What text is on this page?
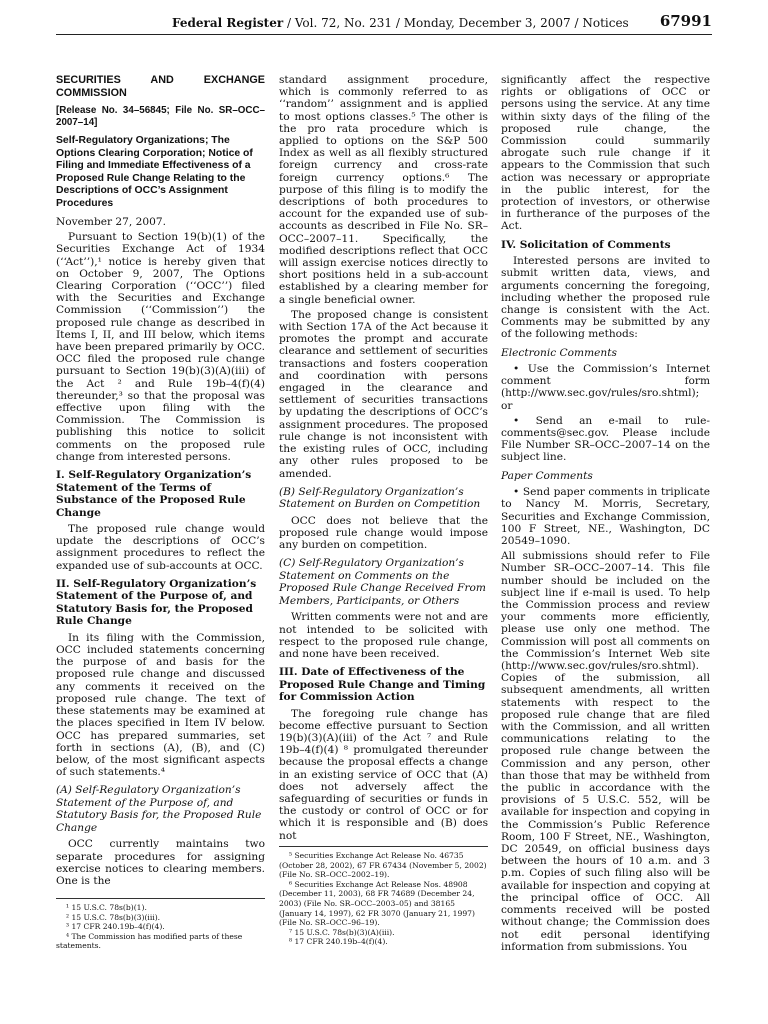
Federal Register / Vol. 72, No. 231 / Monday, December 3, 2007 / Notices 67991
SECURITIES AND EXCHANGE COMMISSION
[Release No. 34–56845; File No. SR–OCC–2007–14]
Self-Regulatory Organizations; The Options Clearing Corporation; Notice of Filing and Immediate Effectiveness of a Proposed Rule Change Relating to the Descriptions of OCC’s Assignment Procedures

November 27, 2007.

Pursuant to Section 19(b)(1) of the Securities Exchange Act of 1934 (‘‘Act’’),¹ notice is hereby given that on October 9, 2007, The Options Clearing Corporation (‘‘OCC’’) filed with the Securities and Exchange Commission (‘‘Commission’’) the proposed rule change as described in Items I, II, and III below, which items have been prepared primarily by OCC. OCC filed the proposed rule change pursuant to Section 19(b)(3)(A)(iii) of the Act ² and Rule 19b–4(f)(4) thereunder,³ so that the proposal was effective upon filing with the Commission. The Commission is publishing this notice to solicit comments on the proposed rule change from interested persons.

I. Self-Regulatory Organization’s Statement of the Terms of Substance of the Proposed Rule Change

The proposed rule change would update the descriptions of OCC’s assignment procedures to reflect the expanded use of sub-accounts at OCC.

II. Self-Regulatory Organization’s Statement of the Purpose of, and Statutory Basis for, the Proposed Rule Change

In its filing with the Commission, OCC included statements concerning the purpose of and basis for the proposed rule change and discussed any comments it received on the proposed rule change. The text of these statements may be examined at the places specified in Item IV below. OCC has prepared summaries, set forth in sections (A), (B), and (C) below, of the most significant aspects of such statements.⁴

(A) Self-Regulatory Organization’s Statement of the Purpose of, and Statutory Basis for, the Proposed Rule Change

OCC currently maintains two separate procedures for assigning exercise notices to clearing members. One is the

standard assignment procedure, which is commonly referred to as ‘‘random’’ assignment and is applied to most options classes.⁵ The other is the pro rata procedure which is applied to options on the S&P 500 Index as well as all flexibly structured foreign currency and cross-rate foreign currency options.⁶ The purpose of this filing is to modify the descriptions of both procedures to account for the expanded use of sub-accounts as described in File No. SR–OCC–2007–11. Specifically, the modified descriptions reflect that OCC will assign exercise notices directly to short positions held in a sub-account established by a clearing member for a single beneficial owner.

The proposed change is consistent with Section 17A of the Act because it promotes the prompt and accurate clearance and settlement of securities transactions and fosters cooperation and coordination with persons engaged in the clearance and settlement of securities transactions by updating the descriptions of OCC’s assignment procedures. The proposed rule change is not inconsistent with the existing rules of OCC, including any other rules proposed to be amended.

(B) Self-Regulatory Organization’s Statement on Burden on Competition

OCC does not believe that the proposed rule change would impose any burden on competition.

(C) Self-Regulatory Organization’s Statement on Comments on the Proposed Rule Change Received From Members, Participants, or Others

Written comments were not and are not intended to be solicited with respect to the proposed rule change, and none have been received.

III. Date of Effectiveness of the Proposed Rule Change and Timing for Commission Action

The foregoing rule change has become effective pursuant to Section 19(b)(3)(A)(iii) of the Act ⁷ and Rule 19b–4(f)(4) ⁸ promulgated thereunder because the proposal effects a change in an existing service of OCC that (A) does not adversely affect the safeguarding of securities or funds in the custody or control of OCC or for which it is responsible and (B) does not

significantly affect the respective rights or obligations of OCC or persons using the service. At any time within sixty days of the filing of the proposed rule change, the Commission could summarily abrogate such rule change if it appears to the Commission that such action was necessary or appropriate in the public interest, for the protection of investors, or otherwise in furtherance of the purposes of the Act.

IV. Solicitation of Comments

Interested persons are invited to submit written data, views, and arguments concerning the foregoing, including whether the proposed rule change is consistent with the Act. Comments may be submitted by any of the following methods:

Electronic Comments

• Use the Commission’s Internet comment form (http://www.sec.gov/rules/sro.shtml); or

• Send an e-mail to rule-comments@sec.gov. Please include File Number SR–OCC–2007–14 on the subject line.

Paper Comments

• Send paper comments in triplicate to Nancy M. Morris, Secretary, Securities and Exchange Commission, 100 F Street, NE., Washington, DC 20549–1090.

All submissions should refer to File Number SR–OCC–2007–14. This file number should be included on the subject line if e-mail is used. To help the Commission process and review your comments more efficiently, please use only one method. The Commission will post all comments on the Commission’s Internet Web site (http://www.sec.gov/rules/sro.shtml). Copies of the submission, all subsequent amendments, all written statements with respect to the proposed rule change that are filed with the Commission, and all written communications relating to the proposed rule change between the Commission and any person, other than those that may be withheld from the public in accordance with the provisions of 5 U.S.C. 552, will be available for inspection and copying in the Commission’s Public Reference Room, 100 F Street, NE., Washington, DC 20549, on official business days between the hours of 10 a.m. and 3 p.m. Copies of such filing also will be available for inspection and copying at the principal office of OCC. All comments received will be posted without change; the Commission does not edit personal identifying information from submissions. You

¹ 15 U.S.C. 78s(b)(1).
² 15 U.S.C. 78s(b)(3)(iii).
³ 17 CFR 240.19b–4(f)(4).
⁴ The Commission has modified parts of these statements.
⁵ Securities Exchange Act Release No. 46735 (October 28, 2002), 67 FR 67434 (November 5, 2002) (File No. SR–OCC–2002–19).
⁶ Securities Exchange Act Release Nos. 48908 (December 11, 2003), 68 FR 74689 (December 24, 2003) (File No. SR–OCC–2003–05) and 38165 (January 14, 1997), 62 FR 3070 (January 21, 1997) (File No. SR–OCC–96–19).
⁷ 15 U.S.C. 78s(b)(3)(A)(iii).
⁸ 17 CFR 240.19b–4(f)(4).
